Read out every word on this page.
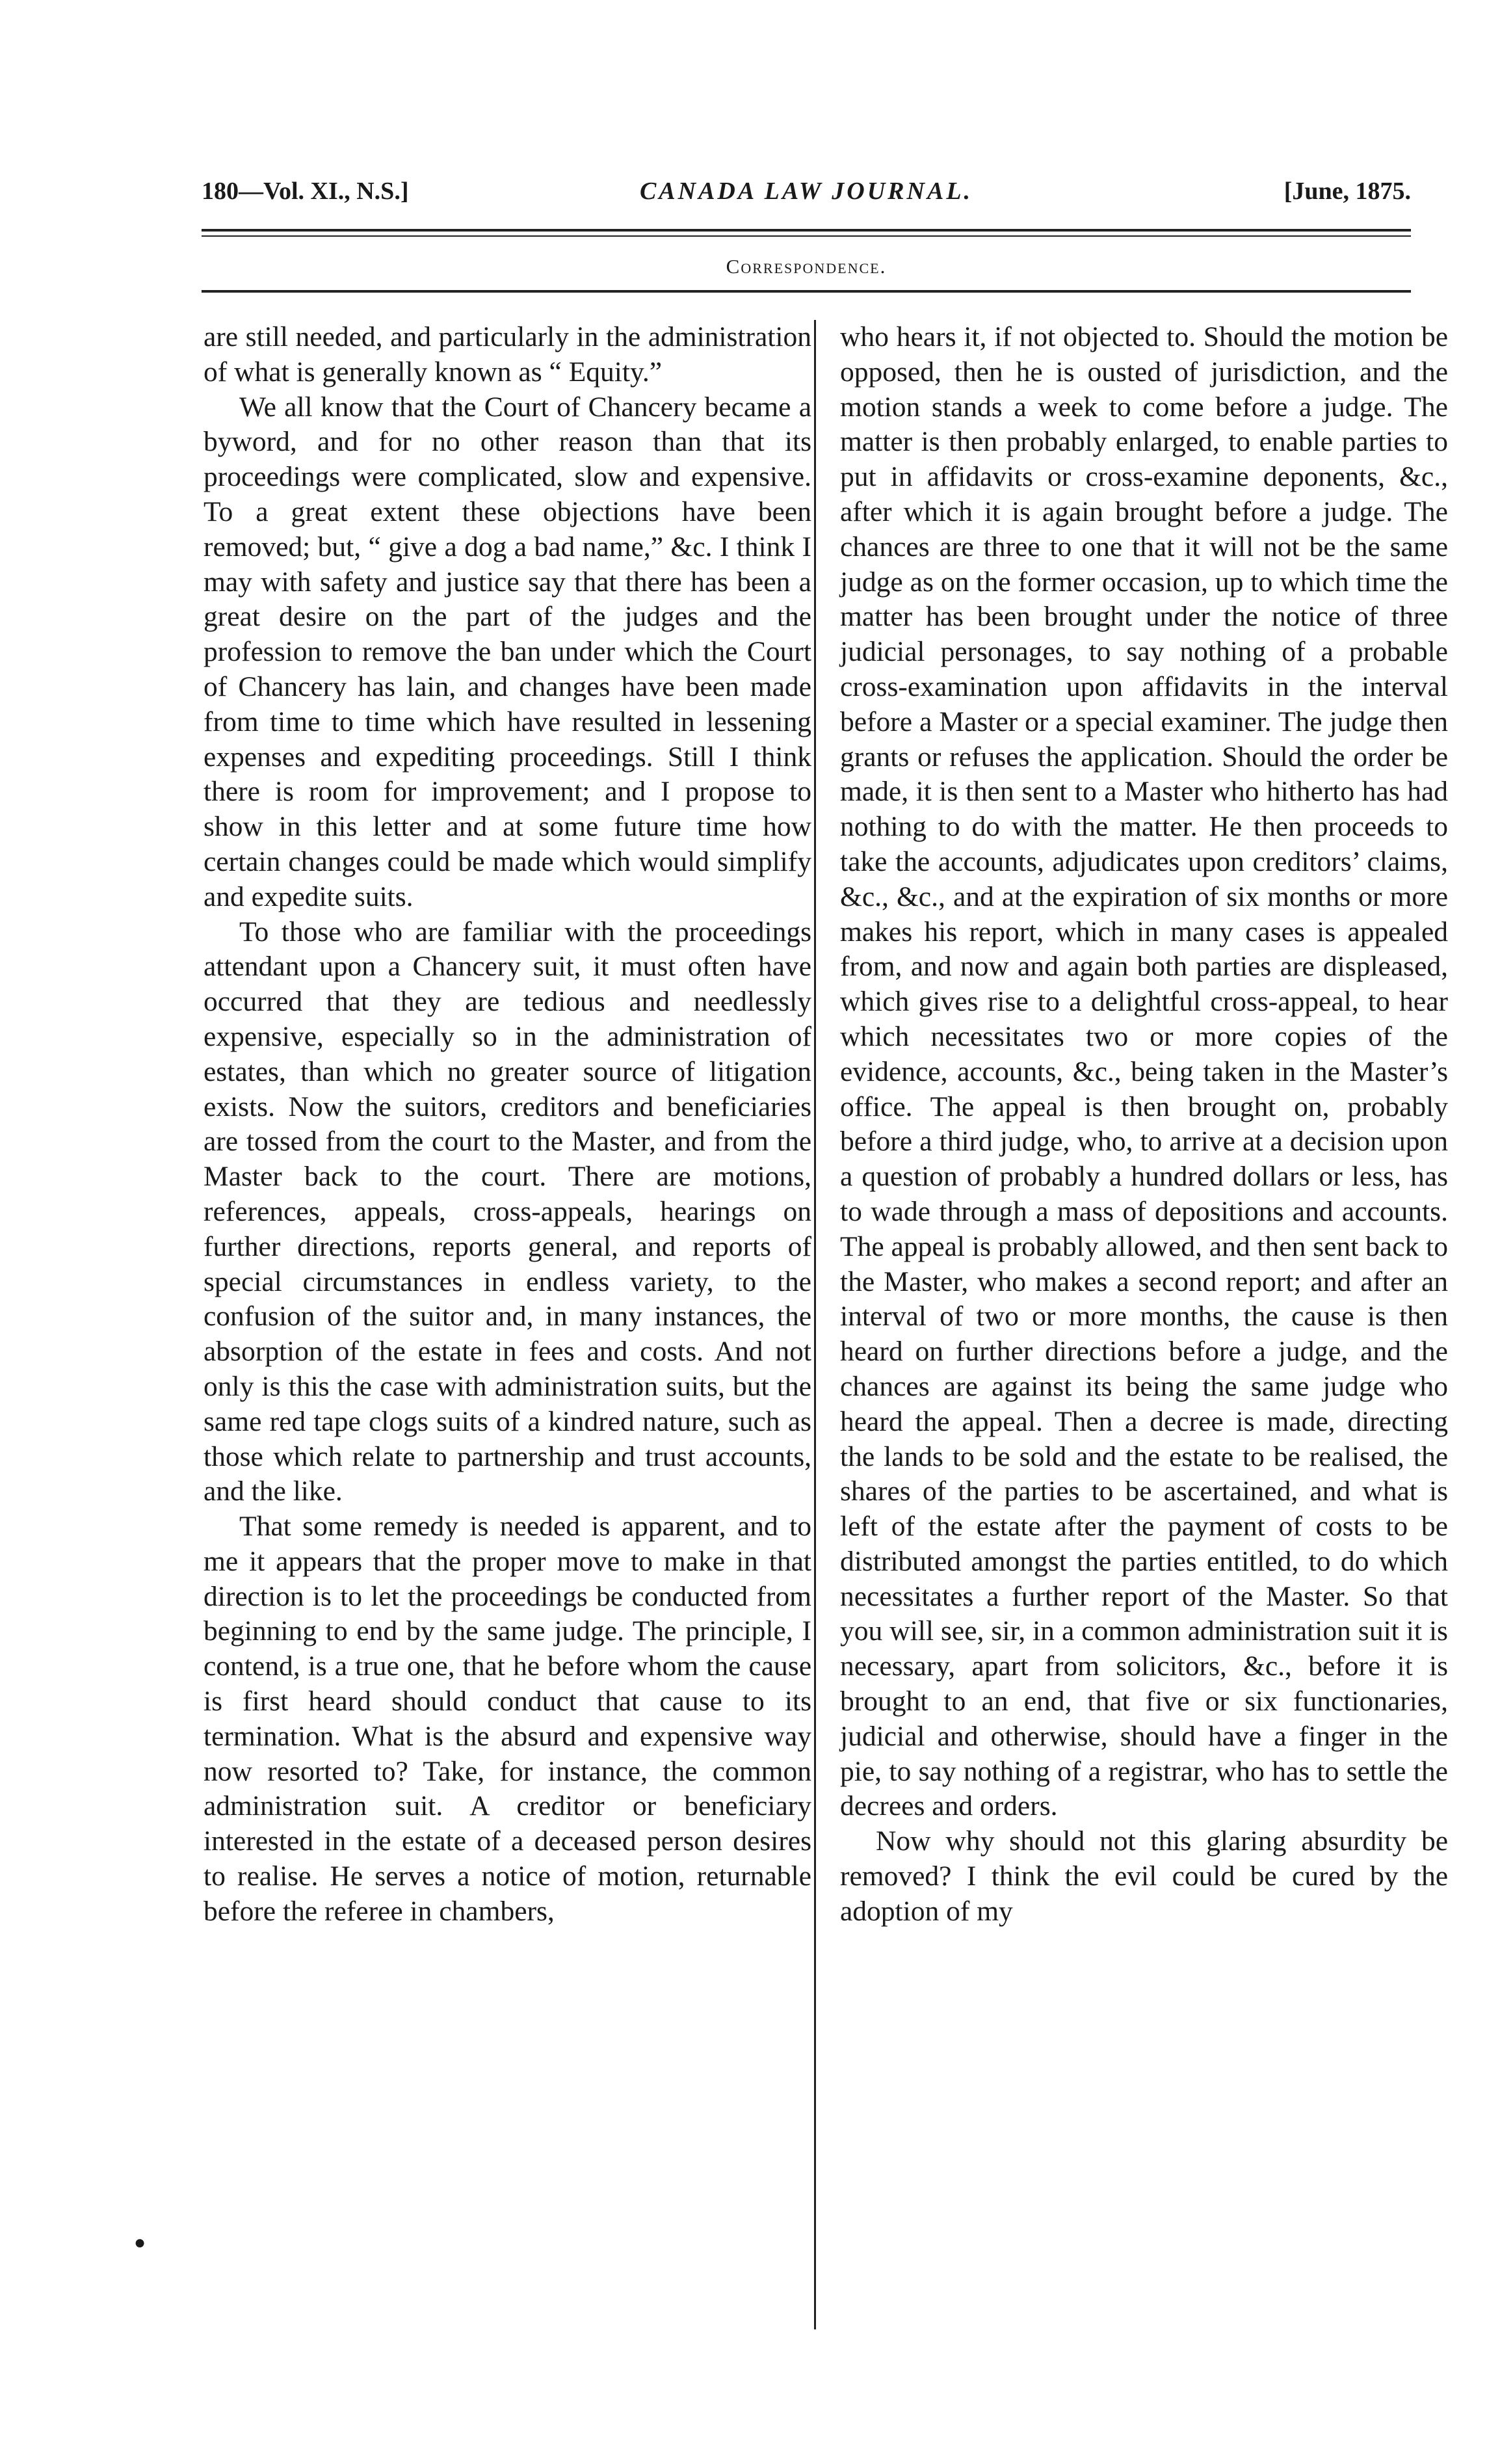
180—Vol. XI., N.S.]	CANADA LAW JOURNAL.	[June, 1875.
Correspondence.

are still needed, and particularly in the administration of what is generally known as “ Equity.”

We all know that the Court of Chancery became a byword, and for no other reason than that its proceedings were complicated, slow and expensive. To a great extent these objections have been removed; but, “ give a dog a bad name,” &c. I think I may with safety and justice say that there has been a great desire on the part of the judges and the profession to remove the ban under which the Court of Chancery has lain, and changes have been made from time to time which have resulted in lessening expenses and expediting proceedings. Still I think there is room for improvement; and I propose to show in this letter and at some future time how certain changes could be made which would simplify and expedite suits.

To those who are familiar with the proceedings attendant upon a Chancery suit, it must often have occurred that they are tedious and needlessly expensive, especially so in the administration of estates, than which no greater source of litigation exists. Now the suitors, creditors and beneficiaries are tossed from the court to the Master, and from the Master back to the court. There are motions, references, appeals, cross-appeals, hearings on further directions, reports general, and reports of special circumstances in endless variety, to the confusion of the suitor and, in many instances, the absorption of the estate in fees and costs. And not only is this the case with administration suits, but the same red tape clogs suits of a kindred nature, such as those which relate to partnership and trust accounts, and the like.

That some remedy is needed is apparent, and to me it appears that the proper move to make in that direction is to let the proceedings be conducted from beginning to end by the same judge. The principle, I contend, is a true one, that he before whom the cause is first heard should conduct that cause to its termination. What is the absurd and expensive way now resorted to? Take, for instance, the common administration suit. A creditor or beneficiary interested in the estate of a deceased person desires to realise. He serves a notice of motion, returnable before the referee in chambers,

who hears it, if not objected to. Should the motion be opposed, then he is ousted of jurisdiction, and the motion stands a week to come before a judge. The matter is then probably enlarged, to enable parties to put in affidavits or cross-examine deponents, &c., after which it is again brought before a judge. The chances are three to one that it will not be the same judge as on the former occasion, up to which time the matter has been brought under the notice of three judicial personages, to say nothing of a probable cross-examination upon affidavits in the interval before a Master or a special examiner. The judge then grants or refuses the application. Should the order be made, it is then sent to a Master who hitherto has had nothing to do with the matter. He then proceeds to take the accounts, adjudicates upon creditors’ claims, &c., &c., and at the expiration of six months or more makes his report, which in many cases is appealed from, and now and again both parties are displeased, which gives rise to a delightful cross-appeal, to hear which necessitates two or more copies of the evidence, accounts, &c., being taken in the Master’s office. The appeal is then brought on, probably before a third judge, who, to arrive at a decision upon a question of probably a hundred dollars or less, has to wade through a mass of depositions and accounts. The appeal is probably allowed, and then sent back to the Master, who makes a second report; and after an interval of two or more months, the cause is then heard on further directions before a judge, and the chances are against its being the same judge who heard the appeal. Then a decree is made, directing the lands to be sold and the estate to be realised, the shares of the parties to be ascertained, and what is left of the estate after the payment of costs to be distributed amongst the parties entitled, to do which necessitates a further report of the Master. So that you will see, sir, in a common administration suit it is necessary, apart from solicitors, &c., before it is brought to an end, that five or six functionaries, judicial and otherwise, should have a finger in the pie, to say nothing of a registrar, who has to settle the decrees and orders.

Now why should not this glaring absurdity be removed? I think the evil could be cured by the adoption of my

●
